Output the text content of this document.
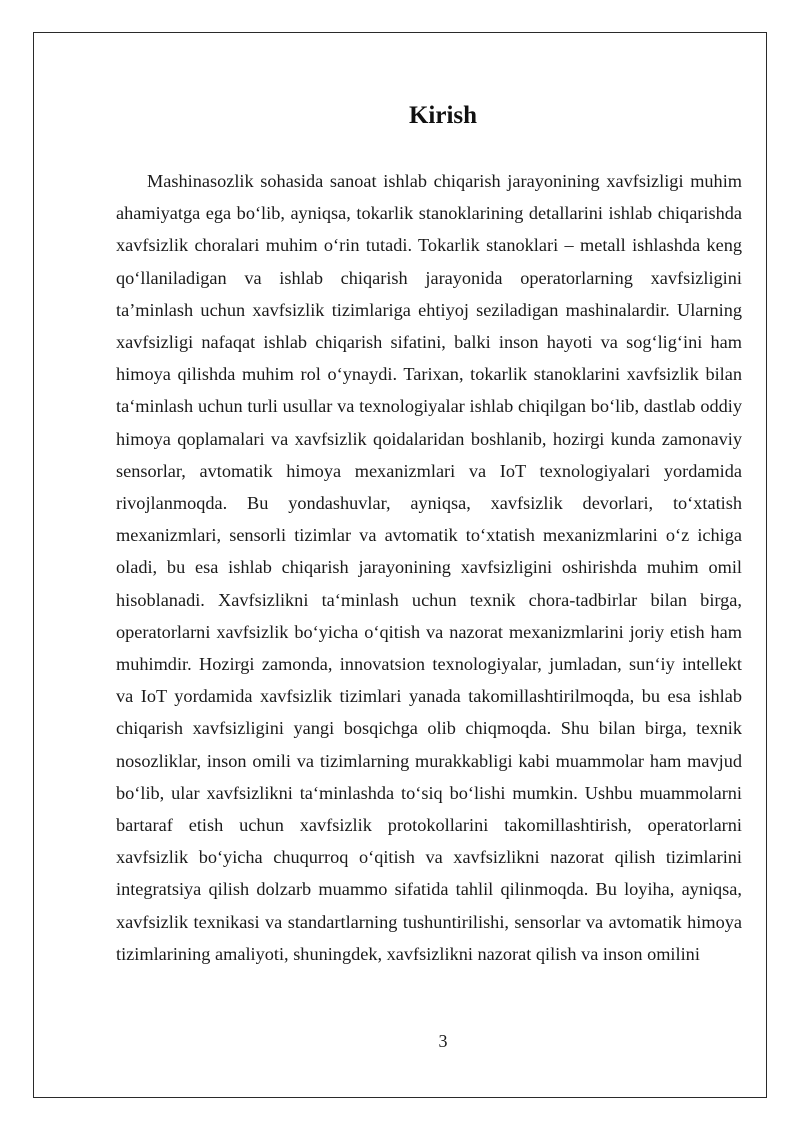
Kirish

Mashinasozlik sohasida sanoat ishlab chiqarish jarayonining xavfsizligi muhim ahamiyatga ega boʻlib, ayniqsa, tokarlik stanoklarining detallarini ishlab chiqarishda xavfsizlik choralari muhim oʻrin tutadi. Tokarlik stanoklari – metall ishlashda keng qoʻllaniladigan va ishlab chiqarish jarayonida operatorlarning xavfsizligini taʼminlash uchun xavfsizlik tizimlariga ehtiyoj seziladigan mashinalardir. Ularning xavfsizligi nafaqat ishlab chiqarish sifatini, balki inson hayoti va sogʻligʻini ham himoya qilishda muhim rol oʻynaydi. Tarixan, tokarlik stanoklarini xavfsizlik bilan taʻminlash uchun turli usullar va texnologiyalar ishlab chiqilgan boʻlib, dastlab oddiy himoya qoplamalari va xavfsizlik qoidalaridan boshlanib, hozirgi kunda zamonaviy sensorlar, avtomatik himoya mexanizmlari va IoT texnologiyalari yordamida rivojlanmoqda. Bu yondashuvlar, ayniqsa, xavfsizlik devorlari, toʻxtatish mexanizmlari, sensorli tizimlar va avtomatik toʻxtatish mexanizmlarini oʻz ichiga oladi, bu esa ishlab chiqarish jarayonining xavfsizligini oshirishda muhim omil hisoblanadi. Xavfsizlikni taʻminlash uchun texnik chora-tadbirlar bilan birga, operatorlarni xavfsizlik boʻyicha oʻqitish va nazorat mexanizmlarini joriy etish ham muhimdir. Hozirgi zamonda, innovatsion texnologiyalar, jumladan, sunʻiy intellekt va IoT yordamida xavfsizlik tizimlari yanada takomillashtirilmoqda, bu esa ishlab chiqarish xavfsizligini yangi bosqichga olib chiqmoqda. Shu bilan birga, texnik nosozliklar, inson omili va tizimlarning murakkabligi kabi muammolar ham mavjud boʻlib, ular xavfsizlikni taʻminlashda toʻsiq boʻlishi mumkin. Ushbu muammolarni bartaraf etish uchun xavfsizlik protokollarini takomillashtirish, operatorlarni xavfsizlik boʻyicha chuqurroq oʻqitish va xavfsizlikni nazorat qilish tizimlarini integratsiya qilish dolzarb muammo sifatida tahlil qilinmoqda. Bu loyiha, ayniqsa, xavfsizlik texnikasi va standartlarning tushuntirilishi, sensorlar va avtomatik himoya tizimlarining amaliyoti, shuningdek, xavfsizlikni nazorat qilish va inson omilini

3
